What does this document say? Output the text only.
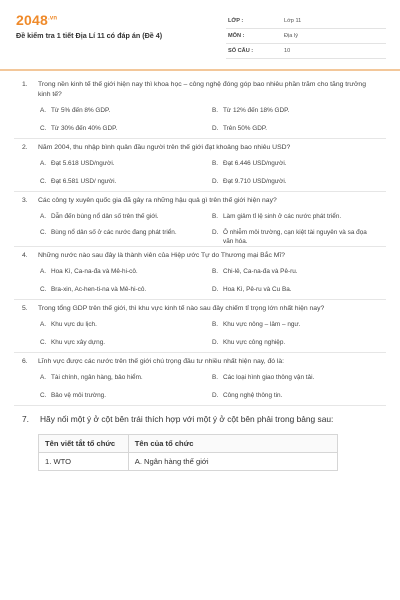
$2048^{.vn}$
Đề kiểm tra 1 tiết Địa Lí 11 có đáp án (Đề 4)
LỚP :	Lớp 11
MÔN :	Địa lý
SỐ CÂU :	10
1. Trong nền kinh tế thế giới hiện nay thì khoa học – công nghệ đóng góp bao nhiêu phần trăm cho tăng trưởng kinh tế?
A. Từ 5% đến 8% GDP.	B. Từ 12% đến 18% GDP.
C. Từ 30% đến 40% GDP.	D. Trên 50% GDP.
2. Năm 2004, thu nhập bình quân đầu người trên thế giới đạt khoảng bao nhiêu USD?
A. Đạt 5.618 USD/người.	B. Đạt 6.446 USD/người.
C. Đạt 6.581 USD/ người.	D. Đạt 9.710 USD/người.
3. Các công ty xuyên quốc gia đã gây ra những hậu quả gì trên thế giới hiện nay?
A. Dẫn đến bùng nổ dân số trên thế giới.	B. Làm giảm tỉ lệ sinh ở các nước phát triển.
C. Bùng nổ dân số ở các nước đang phát triển.	D. Ô nhiễm môi trường, cạn kiệt tài nguyên và sa đọa văn hóa.
4. Những nước nào sau đây là thành viên của Hiệp ước Tự do Thương mại Bắc Mĩ?
A. Hoa Kì, Ca-na-đa và Mê-hi-cô.	B. Chi-lê, Ca-na-đa và Pê-ru.
C. Bra-xin, Ac-hen-ti-na và Mê-hi-cô.	D. Hoa Kì, Pê-ru và Cu Ba.
5. Trong tổng GDP trên thế giới, thì khu vực kinh tế nào sau đây chiếm tỉ trọng lớn nhất hiện nay?
A. Khu vực du lịch.	B. Khu vực nông – lâm – ngư.
C. Khu vực xây dựng.	D. Khu vực công nghiệp.
6. Lĩnh vực được các nước trên thế giới chú trọng đầu tư nhiều nhất hiện nay, đó là:
A. Tài chính, ngân hàng, bảo hiểm.	B. Các loại hình giao thông vận tải.
C. Bảo vệ môi trường.	D. Công nghệ thông tin.
7. Hãy nối một ý ở cột bên trái thích hợp với một ý ở cột bên phải trong bảng sau:
Tên viết tắt tổ chức	Tên của tổ chức
1. WTO	A. Ngân hàng thế giới
